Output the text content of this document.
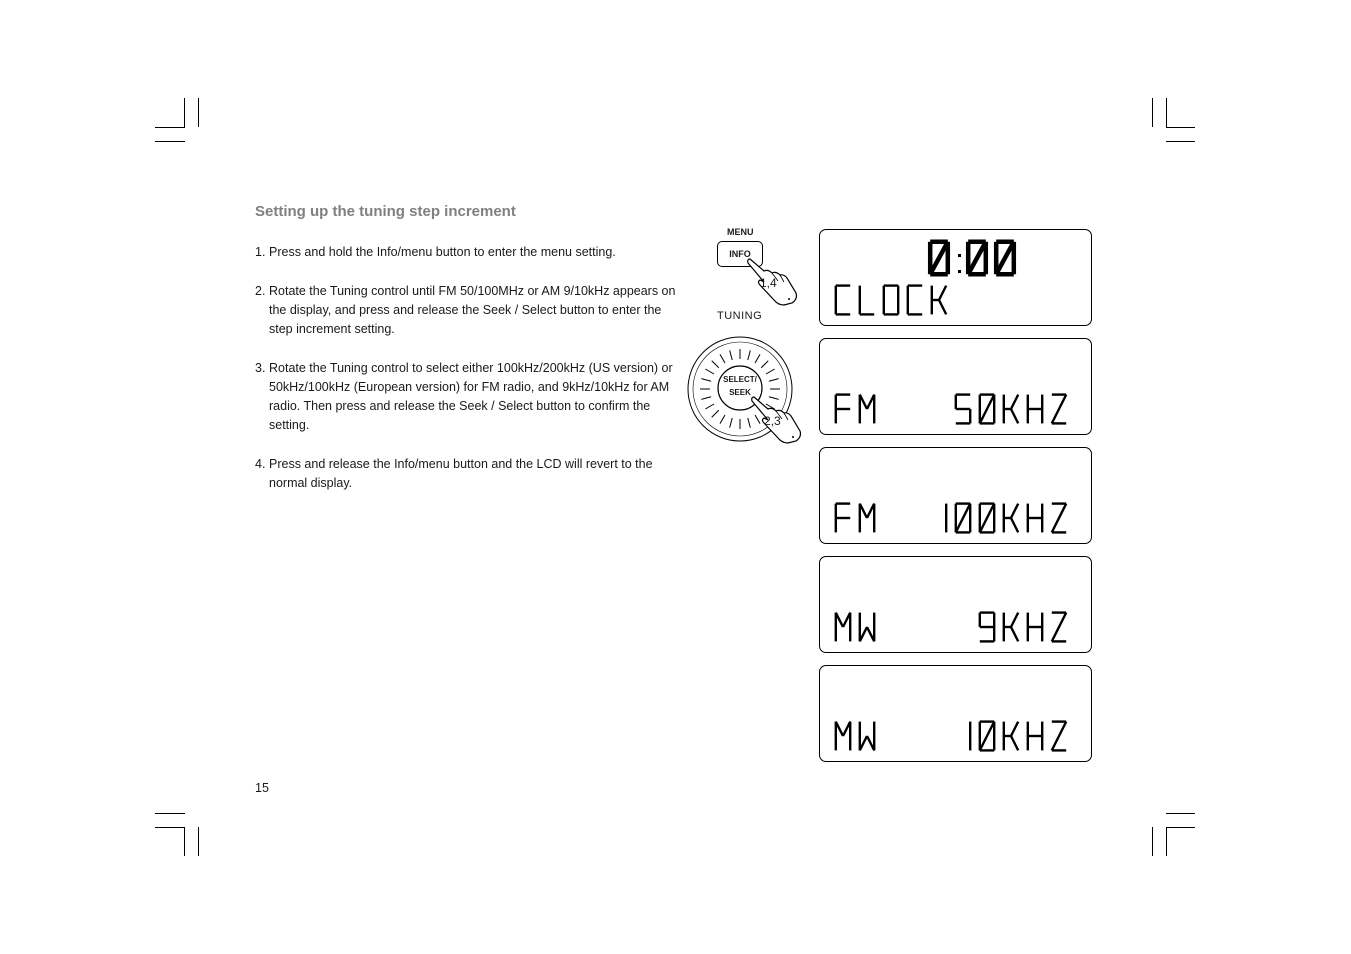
Setting up the tuning step increment
1. Press and hold the Info/menu button to enter the menu setting.
2. Rotate the Tuning control until FM 50/100MHz or AM 9/10kHz appears on the display, and press and release the Seek / Select button to enter the step increment setting.
3. Rotate the Tuning control to select either 100kHz/200kHz (US version) or 50kHz/100kHz (European version) for FM radio, and 9kHz/10kHz for AM radio. Then press and release the Seek / Select button to confirm the setting.
4. Press and release the Info/menu button and the LCD will revert to the normal display.
15
MENU
INFO
1,4
TUNING
SELECT/
SEEK
2,3
